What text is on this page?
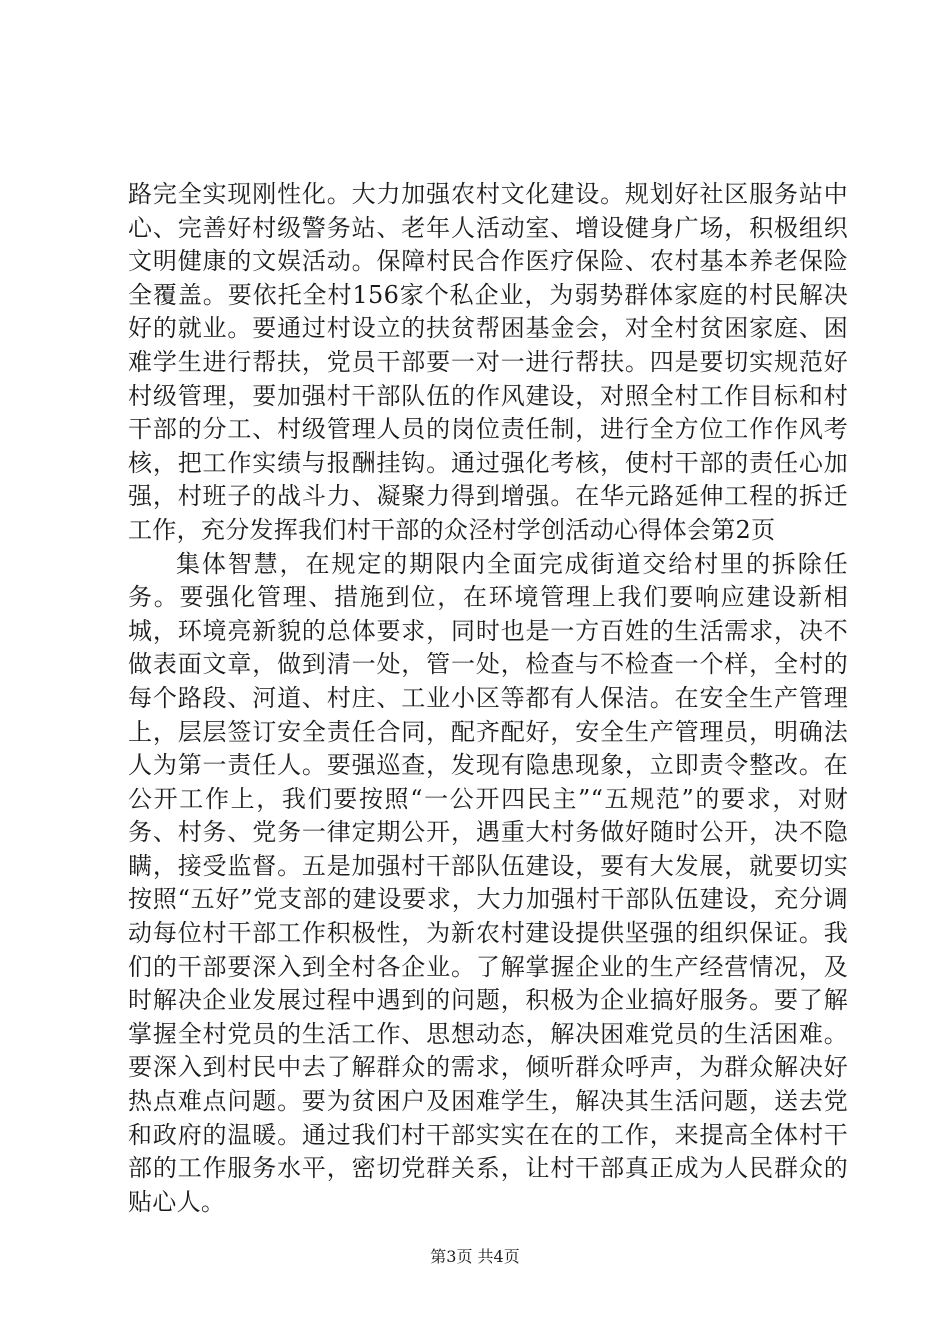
路完全实现刚性化。大力加强农村文化建设。规划好社区服务站中心、完善好村级警务站、老年人活动室、增设健身广场，积极组织文明健康的文娱活动。保障村民合作医疗保险、农村基本养老保险全覆盖。要依托全村156家个私企业，为弱势群体家庭的村民解决好的就业。要通过村设立的扶贫帮困基金会，对全村贫困家庭、困难学生进行帮扶，党员干部要一对一进行帮扶。四是要切实规范好村级管理，要加强村干部队伍的作风建设，对照全村工作目标和村干部的分工、村级管理人员的岗位责任制，进行全方位工作作风考核，把工作实绩与报酬挂钩。通过强化考核，使村干部的责任心加强，村班子的战斗力、凝聚力得到增强。在华元路延伸工程的拆迁工作，充分发挥我们村干部的众泾村学创活动心得体会第2页

集体智慧，在规定的期限内全面完成街道交给村里的拆除任务。要强化管理、措施到位，在环境管理上我们要响应建设新相城，环境亮新貌的总体要求，同时也是一方百姓的生活需求，决不做表面文章，做到清一处，管一处，检查与不检查一个样，全村的每个路段、河道、村庄、工业小区等都有人保洁。在安全生产管理上，层层签订安全责任合同，配齐配好，安全生产管理员，明确法人为第一责任人。要强巡查，发现有隐患现象，立即责令整改。在公开工作上，我们要按照“一公开四民主”“五规范”的要求，对财务、村务、党务一律定期公开，遇重大村务做好随时公开，决不隐瞒，接受监督。五是加强村干部队伍建设，要有大发展，就要切实按照“五好”党支部的建设要求，大力加强村干部队伍建设，充分调动每位村干部工作积极性，为新农村建设提供坚强的组织保证。我们的干部要深入到全村各企业。了解掌握企业的生产经营情况，及时解决企业发展过程中遇到的问题，积极为企业搞好服务。要了解掌握全村党员的生活工作、思想动态，解决困难党员的生活困难。要深入到村民中去了解群众的需求，倾听群众呼声，为群众解决好热点难点问题。要为贫困户及困难学生，解决其生活问题，送去党和政府的温暖。通过我们村干部实实在在的工作，来提高全体村干部的工作服务水平，密切党群关系，让村干部真正成为人民群众的贴心人。

第3页 共4页
